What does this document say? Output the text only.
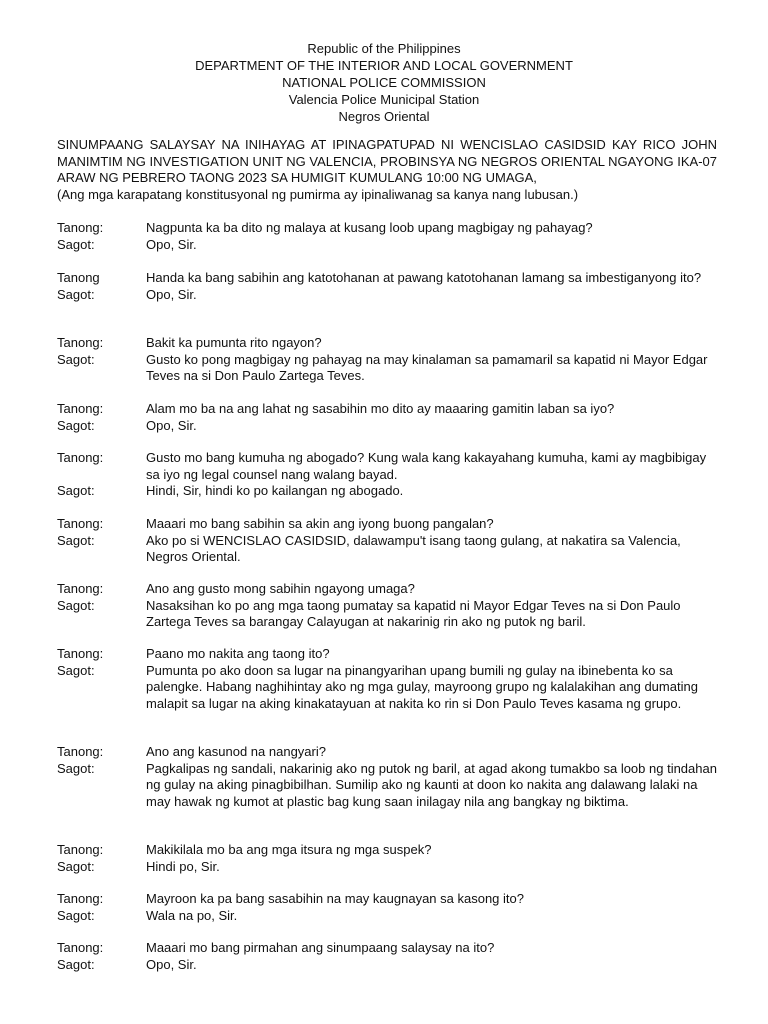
Republic of the Philippines
DEPARTMENT OF THE INTERIOR AND LOCAL GOVERNMENT
NATIONAL POLICE COMMISSION
Valencia Police Municipal Station
Negros Oriental

SINUMPAANG SALAYSAY NA INIHAYAG AT IPINAGPATUPAD NI WENCISLAO CASIDSID KAY RICO JOHN MANIMTIM NG INVESTIGATION UNIT NG VALENCIA, PROBINSYA NG NEGROS ORIENTAL NGAYONG IKA-07 ARAW NG PEBRERO TAONG 2023 SA HUMIGIT KUMULANG 10:00 NG UMAGA,

(Ang mga karapatang konstitusyonal ng pumirma ay ipinaliwanag sa kanya nang lubusan.)

Tanong:	Nagpunta ka ba dito ng malaya at kusang loob upang magbigay ng pahayag?
Sagot:	Opo, Sir.
Tanong	Handa ka bang sabihin ang katotohanan at pawang katotohanan lamang sa imbestiganyong ito?
Sagot:	Opo, Sir.
Tanong:	Bakit ka pumunta rito ngayon?
Sagot:	Gusto ko pong magbigay ng pahayag na may kinalaman sa pamamaril sa kapatid ni Mayor Edgar Teves na si Don Paulo Zartega Teves.
Tanong:	Alam mo ba na ang lahat ng sasabihin mo dito ay maaaring gamitin laban sa iyo?
Sagot:	Opo, Sir.
Tanong:	Gusto mo bang kumuha ng abogado? Kung wala kang kakayahang kumuha, kami ay magbibigay sa iyo ng legal counsel nang walang bayad.
Sagot:	Hindi, Sir, hindi ko po kailangan ng abogado.
Tanong:	Maaari mo bang sabihin sa akin ang iyong buong pangalan?
Sagot:	Ako po si WENCISLAO CASIDSID, dalawampu't isang taong gulang, at nakatira sa Valencia, Negros Oriental.
Tanong:	Ano ang gusto mong sabihin ngayong umaga?
Sagot:	Nasaksihan ko po ang mga taong pumatay sa kapatid ni Mayor Edgar Teves na si Don Paulo Zartega Teves sa barangay Calayugan at nakarinig rin ako ng putok ng baril.
Tanong:	Paano mo nakita ang taong ito?
Sagot:	Pumunta po ako doon sa lugar na pinangyarihan upang bumili ng gulay na ibinebenta ko sa palengke. Habang naghihintay ako ng mga gulay, mayroong grupo ng kalalakihan ang dumating malapit sa lugar na aking kinakatayuan at nakita ko rin si Don Paulo Teves kasama ng grupo.
Tanong:	Ano ang kasunod na nangyari?
Sagot:	Pagkalipas ng sandali, nakarinig ako ng putok ng baril, at agad akong tumakbo sa loob ng tindahan ng gulay na aking pinagbibilhan. Sumilip ako ng kaunti at doon ko nakita ang dalawang lalaki na may hawak ng kumot at plastic bag kung saan inilagay nila ang bangkay ng biktima.
Tanong:	Makikilala mo ba ang mga itsura ng mga suspek?
Sagot:	Hindi po, Sir.
Tanong:	Mayroon ka pa bang sasabihin na may kaugnayan sa kasong ito?
Sagot:	Wala na po, Sir.
Tanong:	Maaari mo bang pirmahan ang sinumpaang salaysay na ito?
Sagot:	Opo, Sir.
